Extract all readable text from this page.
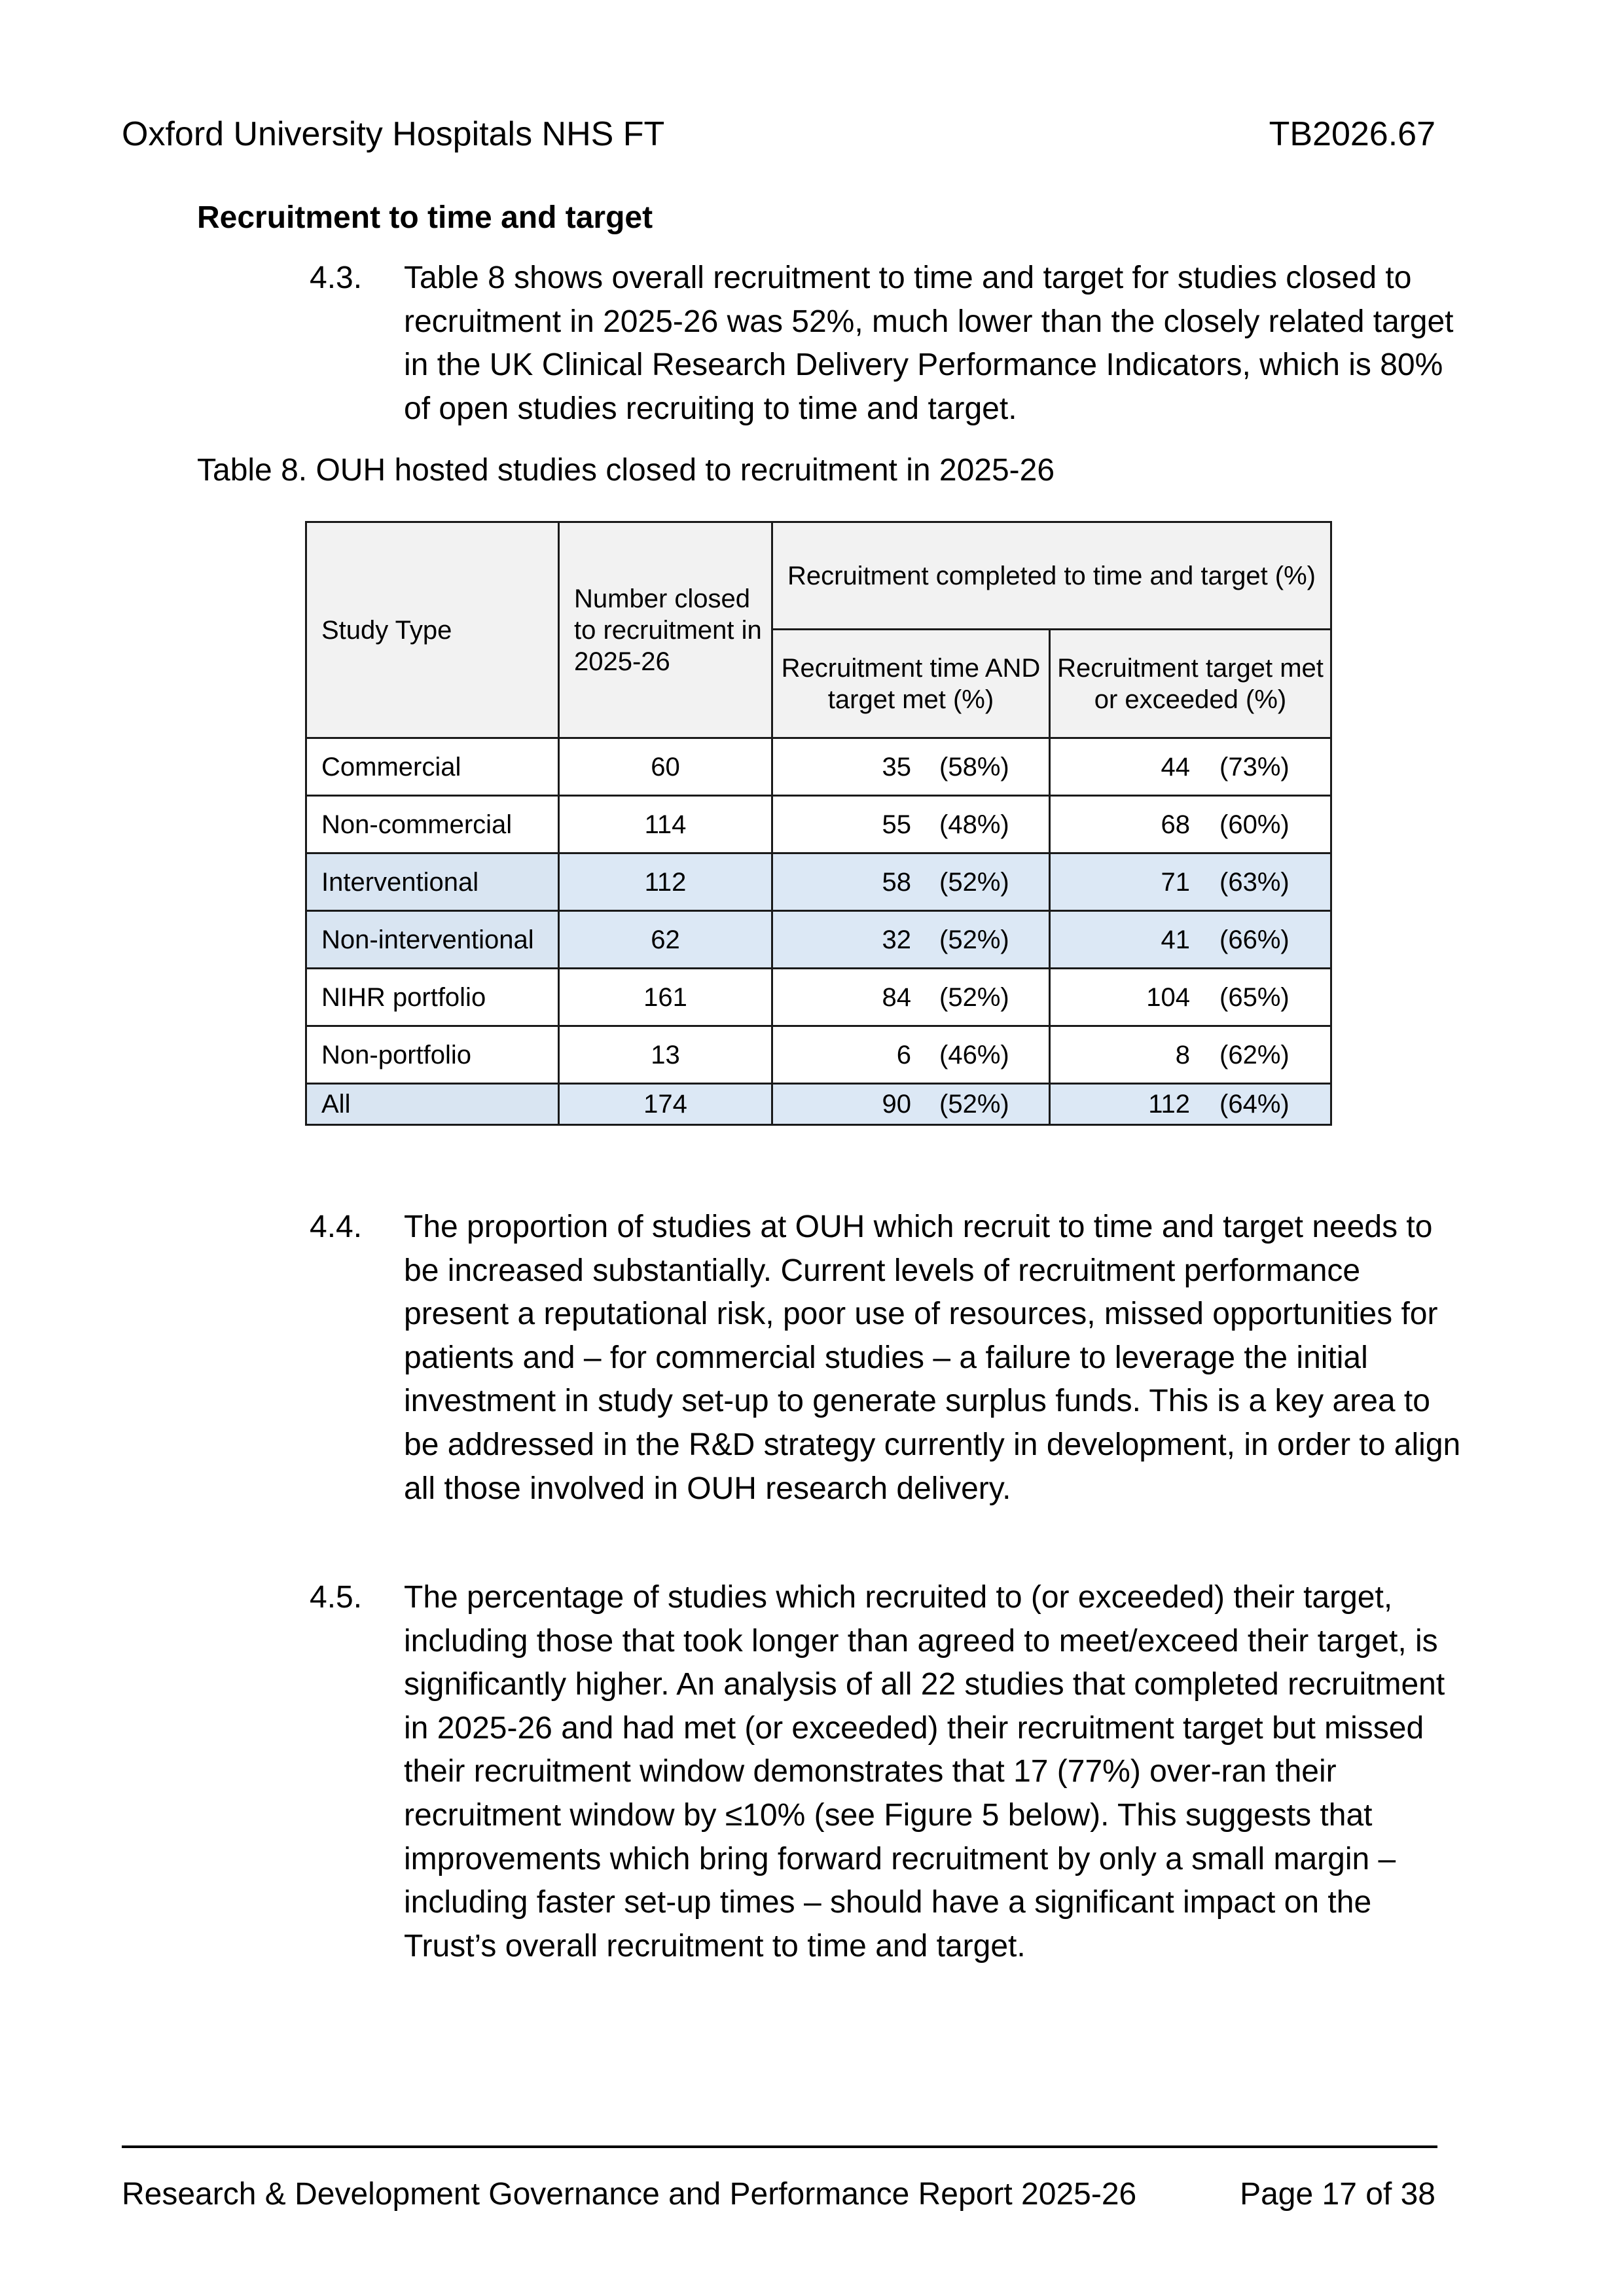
Oxford University Hospitals NHS FT	TB2026.67
Recruitment to time and target
4.3. Table 8 shows overall recruitment to time and target for studies closed to recruitment in 2025-26 was 52%, much lower than the closely related target in the UK Clinical Research Delivery Performance Indicators, which is 80% of open studies recruiting to time and target.
Table 8. OUH hosted studies closed to recruitment in 2025-26
Study Type	Number closed to recruitment in 2025-26	Recruitment completed to time and target (%)	
		Recruitment time AND target met (%)	Recruitment target met or exceeded (%)
Commercial	60	35 (58%)	44 (73%)

Non-commercial	114	55 (48%)	68 (60%)

Interventional	112	58 (52%)	71 (63%)

Non-interventional	62	32 (52%)	41 (66%)

NIHR portfolio	161	84 (52%)	104 (65%)

Non-portfolio	13	6 (46%)	8 (62%)

All	174	90 (52%)	112 (64%)
4.4. The proportion of studies at OUH which recruit to time and target needs to be increased substantially. Current levels of recruitment performance present a reputational risk, poor use of resources, missed opportunities for patients and – for commercial studies – a failure to leverage the initial investment in study set-up to generate surplus funds. This is a key area to be addressed in the R&D strategy currently in development, in order to align all those involved in OUH research delivery.
4.5. The percentage of studies which recruited to (or exceeded) their target, including those that took longer than agreed to meet/exceed their target, is significantly higher. An analysis of all 22 studies that completed recruitment in 2025-26 and had met (or exceeded) their recruitment target but missed their recruitment window demonstrates that 17 (77%) over-ran their recruitment window by ≤10% (see Figure 5 below). This suggests that improvements which bring forward recruitment by only a small margin – including faster set-up times – should have a significant impact on the Trust’s overall recruitment to time and target.
Research & Development Governance and Performance Report 2025-26	Page 17 of 38
